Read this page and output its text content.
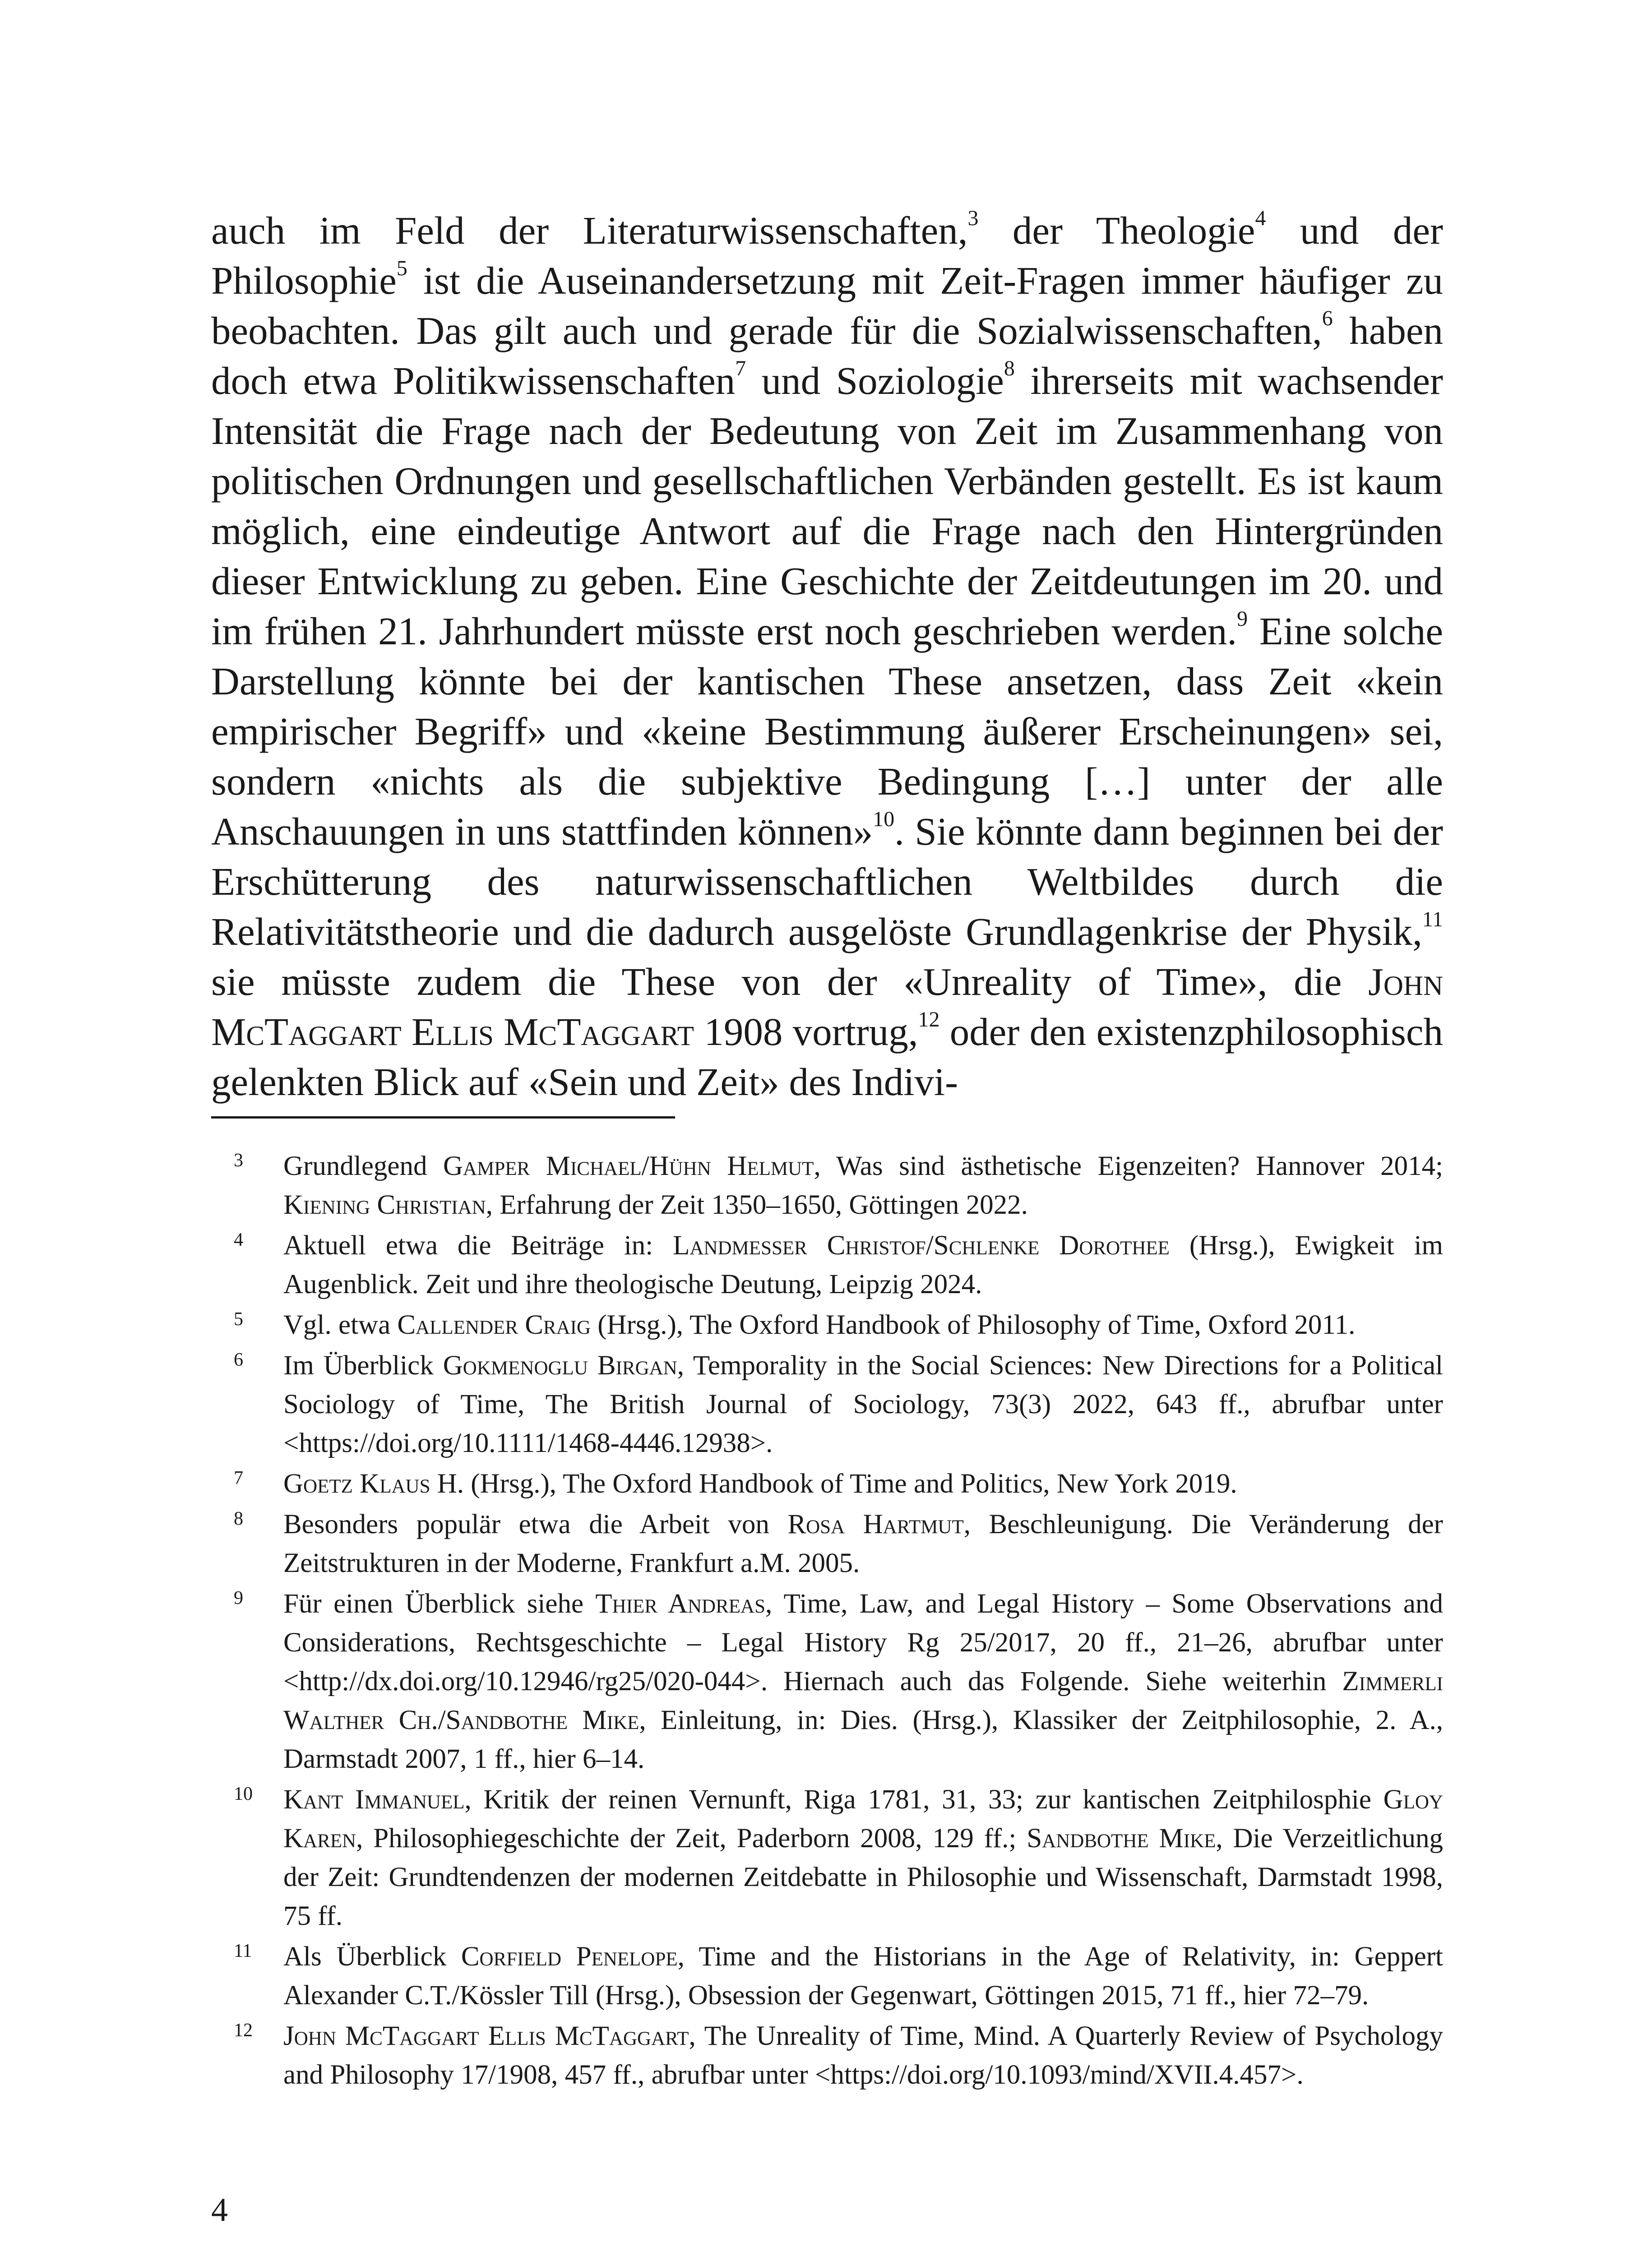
auch im Feld der Literaturwissenschaften,$^3$ der Theologie$^4$ und der Philosophie$^5$ ist die Auseinandersetzung mit Zeit-Fragen immer häufiger zu beobachten. Das gilt auch und gerade für die Sozialwissenschaften,$^6$ haben doch etwa Politikwissenschaften$^7$ und Soziologie$^8$ ihrerseits mit wachsender Intensität die Frage nach der Bedeutung von Zeit im Zusammenhang von politischen Ordnungen und gesellschaftlichen Verbänden gestellt. Es ist kaum möglich, eine eindeutige Antwort auf die Frage nach den Hintergründen dieser Entwicklung zu geben. Eine Geschichte der Zeitdeutungen im 20. und im frühen 21. Jahrhundert müsste erst noch geschrieben werden.$^9$ Eine solche Darstellung könnte bei der kantischen These ansetzen, dass Zeit «kein empirischer Begriff» und «keine Bestimmung äußerer Erscheinungen» sei, sondern «nichts als die subjektive Bedingung […] unter der alle Anschauungen in uns stattfinden können»$^{10}$. Sie könnte dann beginnen bei der Erschütterung des naturwissenschaftlichen Weltbildes durch die Relativitätstheorie und die dadurch ausgelöste Grundlagenkrise der Physik,$^{11}$ sie müsste zudem die These von der «Unreality of Time», die John McTaggart Ellis McTaggart 1908 vortrug,$^{12}$ oder den existenzphilosophisch gelenkten Blick auf «Sein und Zeit» des Indivi-

3	Grundlegend Gamper Michael/Hühn Helmut, Was sind ästhetische Eigenzeiten? Hannover 2014; Kiening Christian, Erfahrung der Zeit 1350–1650, Göttingen 2022.
4	Aktuell etwa die Beiträge in: Landmesser Christof/Schlenke Dorothee (Hrsg.), Ewigkeit im Augenblick. Zeit und ihre theologische Deutung, Leipzig 2024.
5	Vgl. etwa Callender Craig (Hrsg.), The Oxford Handbook of Philosophy of Time, Oxford 2011.
6	Im Überblick Gokmenoglu Birgan, Temporality in the Social Sciences: New Directions for a Political Sociology of Time, The British Journal of Sociology, 73(3) 2022, 643 ff., abrufbar unter <https://doi.org/10.1111/1468-4446.12938>.
7	Goetz Klaus H. (Hrsg.), The Oxford Handbook of Time and Politics, New York 2019.
8	Besonders populär etwa die Arbeit von Rosa Hartmut, Beschleunigung. Die Veränderung der Zeitstrukturen in der Moderne, Frankfurt a.M. 2005.
9	Für einen Überblick siehe Thier Andreas, Time, Law, and Legal History – Some Observations and Considerations, Rechtsgeschichte – Legal History Rg 25/2017, 20 ff., 21–26, abrufbar unter <http://dx.doi.org/10.12946/rg25/020-044>. Hiernach auch das Folgende. Siehe weiterhin Zimmerli Walther Ch./Sandbothe Mike, Einleitung, in: Dies. (Hrsg.), Klassiker der Zeitphilosophie, 2. A., Darmstadt 2007, 1 ff., hier 6–14.
10	Kant Immanuel, Kritik der reinen Vernunft, Riga 1781, 31, 33; zur kantischen Zeitphilosphie Gloy Karen, Philosophiegeschichte der Zeit, Paderborn 2008, 129 ff.; Sandbothe Mike, Die Verzeitlichung der Zeit: Grundtendenzen der modernen Zeitdebatte in Philosophie und Wissenschaft, Darmstadt 1998, 75 ff.
11	Als Überblick Corfield Penelope, Time and the Historians in the Age of Relativity, in: Geppert Alexander C.T./Kössler Till (Hrsg.), Obsession der Gegenwart, Göttingen 2015, 71 ff., hier 72–79.
12	John McTaggart Ellis McTaggart, The Unreality of Time, Mind. A Quarterly Review of Psychology and Philosophy 17/1908, 457 ff., abrufbar unter <https://doi.org/10.1093/mind/XVII.4.457>.
4
